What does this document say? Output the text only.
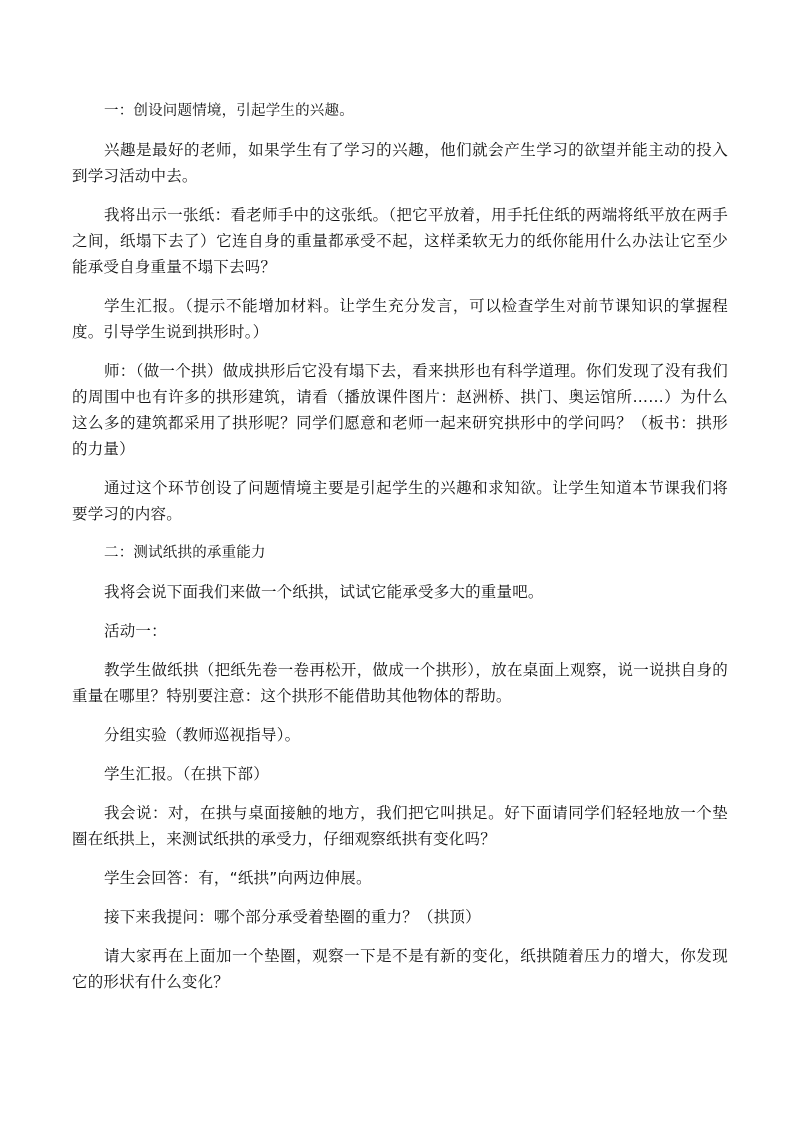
一：创设问题情境，引起学生的兴趣。

兴趣是最好的老师，如果学生有了学习的兴趣，他们就会产生学习的欲望并能主动的投入到学习活动中去。

我将出示一张纸：看老师手中的这张纸。（把它平放着，用手托住纸的两端将纸平放在两手之间，纸塌下去了）它连自身的重量都承受不起，这样柔软无力的纸你能用什么办法让它至少能承受自身重量不塌下去吗？

学生汇报。（提示不能增加材料。让学生充分发言，可以检查学生对前节课知识的掌握程度。引导学生说到拱形时。）

师：（做一个拱）做成拱形后它没有塌下去，看来拱形也有科学道理。你们发现了没有我们的周围中也有许多的拱形建筑，请看（播放课件图片：赵洲桥、拱门、奥运馆所……）为什么这么多的建筑都采用了拱形呢？同学们愿意和老师一起来研究拱形中的学问吗？（板书：拱形的力量）

通过这个环节创设了问题情境主要是引起学生的兴趣和求知欲。让学生知道本节课我们将要学习的内容。

二：测试纸拱的承重能力

我将会说下面我们来做一个纸拱，试试它能承受多大的重量吧。

活动一：

教学生做纸拱（把纸先卷一卷再松开，做成一个拱形），放在桌面上观察，说一说拱自身的重量在哪里？特别要注意：这个拱形不能借助其他物体的帮助。

分组实验（教师巡视指导）。

学生汇报。（在拱下部）

我会说：对，在拱与桌面接触的地方，我们把它叫拱足。好下面请同学们轻轻地放一个垫圈在纸拱上，来测试纸拱的承受力，仔细观察纸拱有变化吗？

学生会回答：有，“纸拱”向两边伸展。

接下来我提问：哪个部分承受着垫圈的重力？（拱顶）

请大家再在上面加一个垫圈，观察一下是不是有新的变化，纸拱随着压力的增大，你发现它的形状有什么变化？
